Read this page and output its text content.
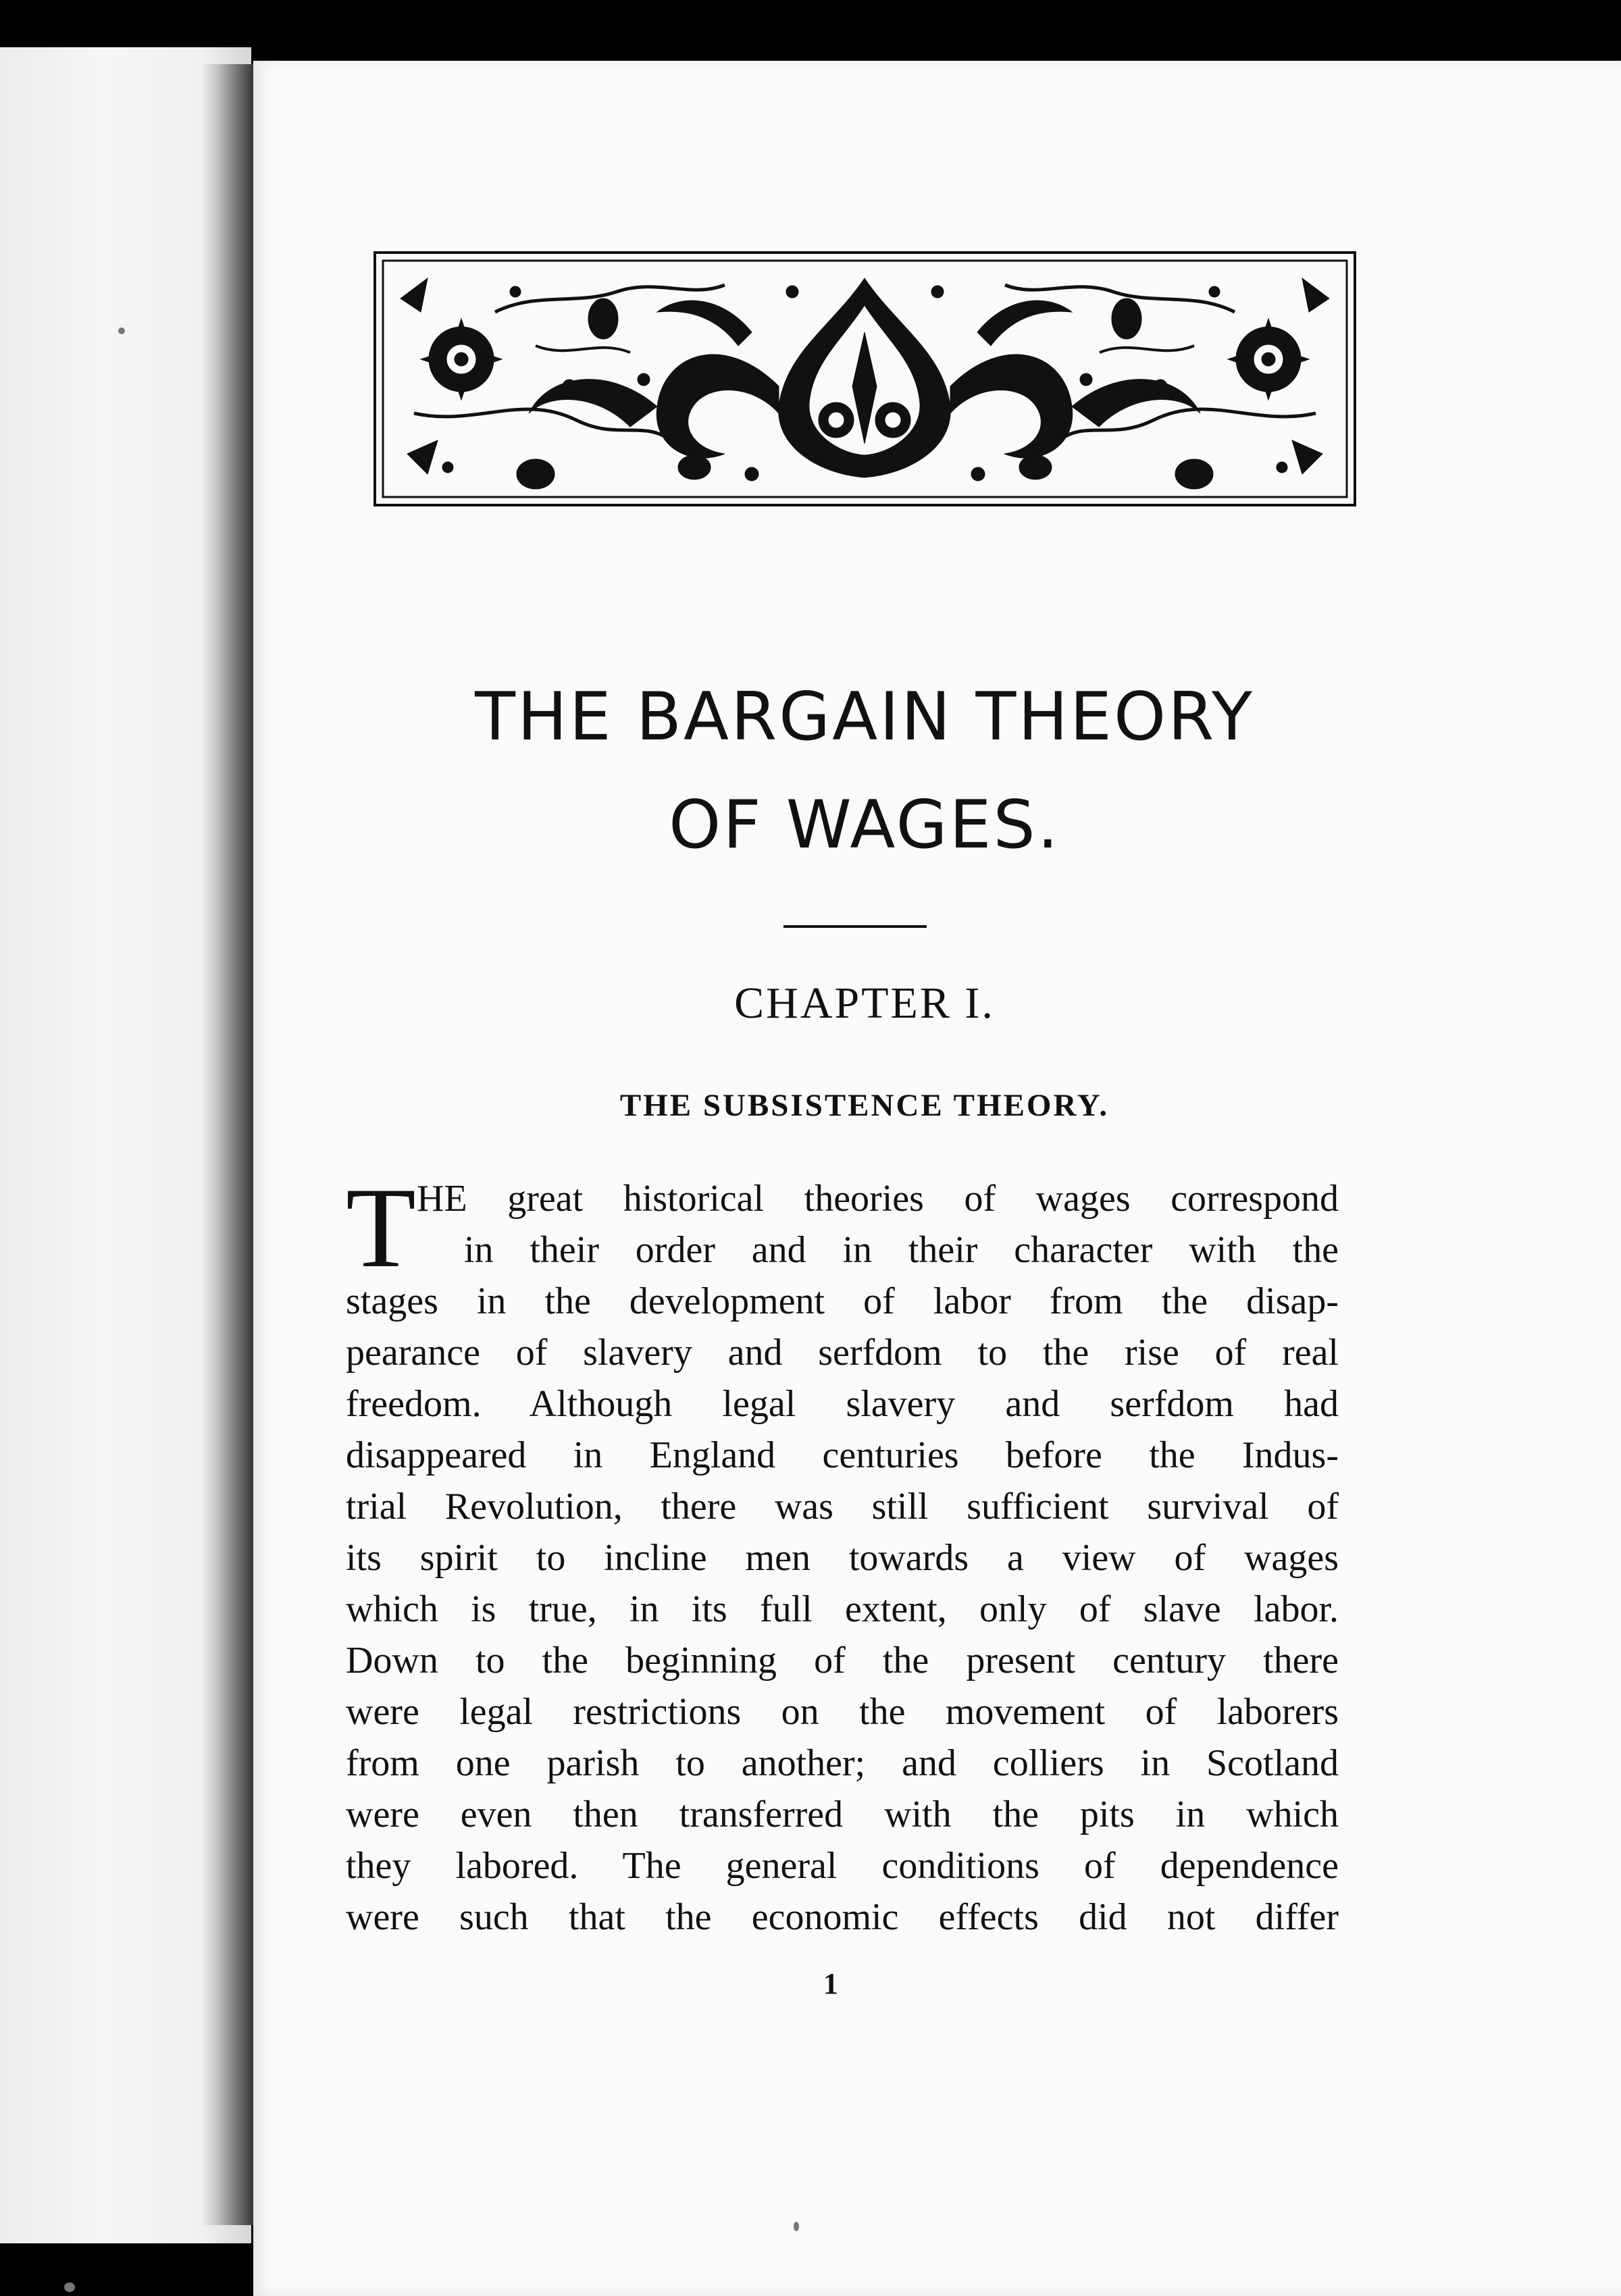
THE BARGAIN THEORY
OF WAGES.
CHAPTER I.
THE SUBSISTENCE THEORY.
T HE great historical theories of wages correspond
in their order and in their character with the
stages in the development of labor from the disap-
pearance of slavery and serfdom to the rise of real
freedom. Although legal slavery and serfdom had
disappeared in England centuries before the Indus-
trial Revolution, there was still sufficient survival of
its spirit to incline men towards a view of wages
which is true, in its full extent, only of slave labor.
Down to the beginning of the present century there
were legal restrictions on the movement of laborers
from one parish to another; and colliers in Scotland
were even then transferred with the pits in which
they labored. The general conditions of dependence
were such that the economic effects did not differ
1
